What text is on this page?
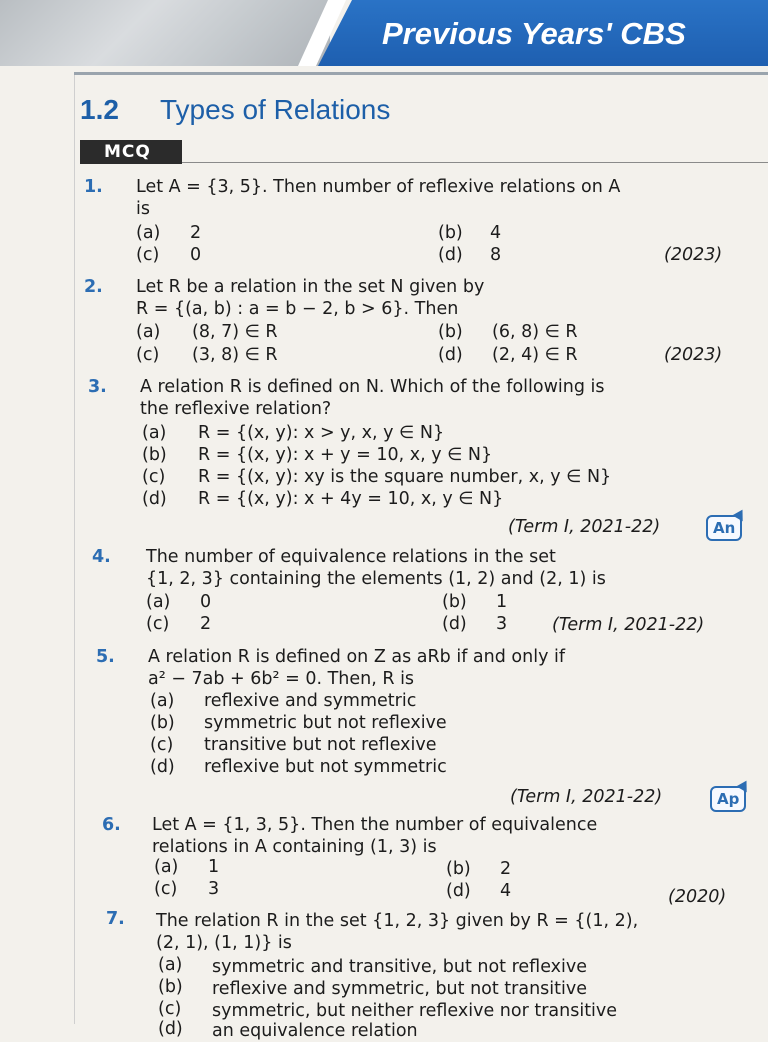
Previous Years' CBS
1.2 Types of Relations
MCQ
1. Let A = {3, 5}. Then number of reflexive relations on A
is
(a) 2	(b) 4
(c) 0	(d) 8	(2023)
2. Let R be a relation in the set N given by
R = {(a, b) : a = b − 2, b > 6}. Then
(a) (8, 7) ∈ R	(b) (6, 8) ∈ R
(c) (3, 8) ∈ R	(d) (2, 4) ∈ R	(2023)
3. A relation R is defined on N. Which of the following is
the reflexive relation?
(a) R = {(x, y): x > y, x, y ∈ N}
(b) R = {(x, y): x + y = 10, x, y ∈ N}
(c) R = {(x, y): xy is the square number, x, y ∈ N}
(d) R = {(x, y): x + 4y = 10, x, y ∈ N}
(Term I, 2021-22)	An
4. The number of equivalence relations in the set
{1, 2, 3} containing the elements (1, 2) and (2, 1) is
(a) 0	(b) 1
(c) 2	(d) 3	(Term I, 2021-22)
5. A relation R is defined on Z as aRb if and only if
a² − 7ab + 6b² = 0. Then, R is
(a) reflexive and symmetric
(b) symmetric but not reflexive
(c) transitive but not reflexive
(d) reflexive but not symmetric
(Term I, 2021-22)	Ap
6. Let A = {1, 3, 5}. Then the number of equivalence
relations in A containing (1, 3) is
(a) 1	(b) 2
(c) 3	(d) 4	(2020)
7. The relation R in the set {1, 2, 3} given by R = {(1, 2),
(2, 1), (1, 1)} is
(a) symmetric and transitive, but not reflexive
(b) reflexive and symmetric, but not transitive
(c) symmetric, but neither reflexive nor transitive
(d) an equivalence relation
